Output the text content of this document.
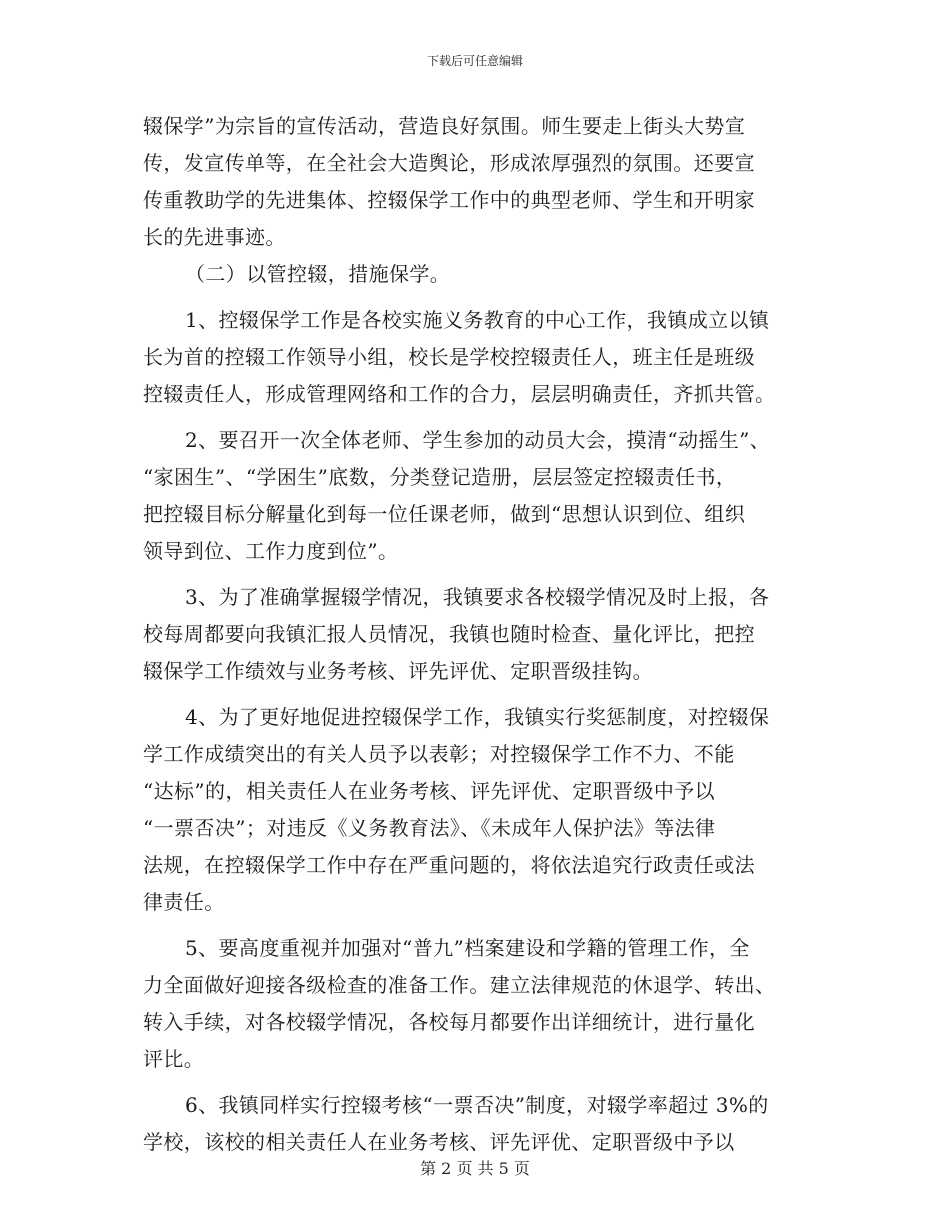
下载后可任意编辑
辍保学”为宗旨的宣传活动，营造良好氛围。师生要走上街头大势宣
传，发宣传单等，在全社会大造舆论，形成浓厚强烈的氛围。还要宣
传重教助学的先进集体、控辍保学工作中的典型老师、学生和开明家
长的先进事迹。
（二）以管控辍，措施保学。
1、控辍保学工作是各校实施义务教育的中心工作，我镇成立以镇
长为首的控辍工作领导小组，校长是学校控辍责任人，班主任是班级
控辍责任人，形成管理网络和工作的合力，层层明确责任，齐抓共管。
2、要召开一次全体老师、学生参加的动员大会，摸清“动摇生”、
“家困生”、“学困生”底数，分类登记造册，层层签定控辍责任书，
把控辍目标分解量化到每一位任课老师，做到“思想认识到位、组织
领导到位、工作力度到位”。
3、为了准确掌握辍学情况，我镇要求各校辍学情况及时上报，各
校每周都要向我镇汇报人员情况，我镇也随时检查、量化评比，把控
辍保学工作绩效与业务考核、评先评优、定职晋级挂钩。
4、为了更好地促进控辍保学工作，我镇实行奖惩制度，对控辍保
学工作成绩突出的有关人员予以表彰；对控辍保学工作不力、不能
“达标”的，相关责任人在业务考核、评先评优、定职晋级中予以
“一票否决”；对违反《义务教育法》、《未成年人保护法》等法律
法规，在控辍保学工作中存在严重问题的，将依法追究行政责任或法
律责任。
5、要高度重视并加强对“普九”档案建设和学籍的管理工作，全
力全面做好迎接各级检查的准备工作。建立法律规范的休退学、转出、
转入手续，对各校辍学情况，各校每月都要作出详细统计，进行量化
评比。
6、我镇同样实行控辍考核“一票否决”制度，对辍学率超过 3%的
学校，该校的相关责任人在业务考核、评先评优、定职晋级中予以
第 2 页 共 5 页
